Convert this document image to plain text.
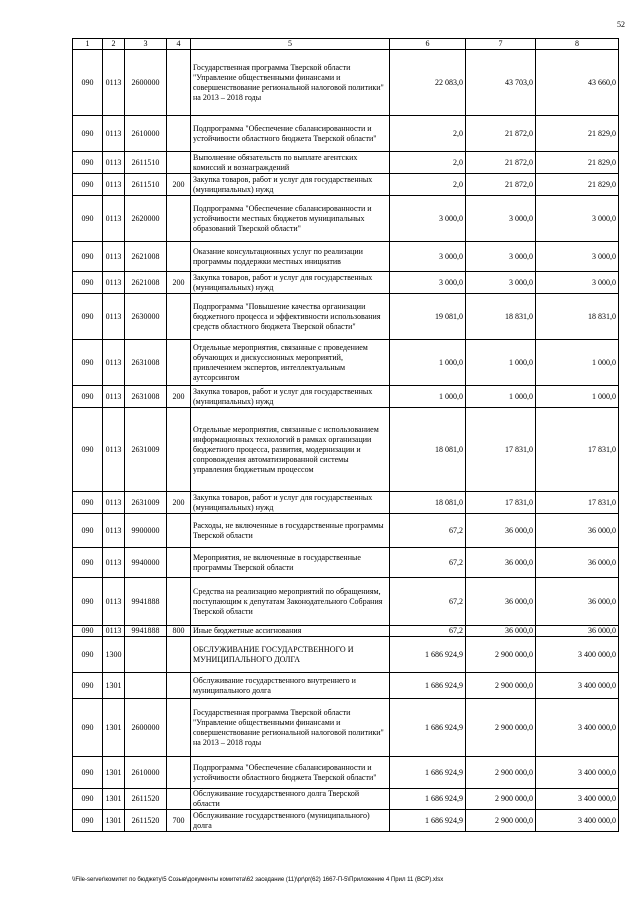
52
1	2	3	4	5	6	7	8
090	0113	2600000		Государственная программа Тверской области "Управление общественными финансами и совершенствование региональной налоговой политики" на 2013 – 2018 годы	22 083,0	43 703,0	43 660,0
090	0113	2610000		Подпрограмма "Обеспечение сбалансированности и устойчивости областного бюджета Тверской области"	2,0	21 872,0	21 829,0
090	0113	2611510		Выполнение обязательств по выплате агентских комиссий и вознаграждений	2,0	21 872,0	21 829,0
090	0113	2611510	200	Закупка товаров, работ и услуг для государственных (муниципальных) нужд	2,0	21 872,0	21 829,0
090	0113	2620000		Подпрограмма "Обеспечение сбалансированности и устойчивости местных бюджетов муниципальных образований Тверской области"	3 000,0	3 000,0	3 000,0
090	0113	2621008		Оказание консультационных услуг по реализации программы поддержки местных инициатив	3 000,0	3 000,0	3 000,0
090	0113	2621008	200	Закупка товаров, работ и услуг для государственных (муниципальных) нужд	3 000,0	3 000,0	3 000,0
090	0113	2630000		Подпрограмма "Повышение качества организации бюджетного процесса и эффективности использования средств областного бюджета Тверской области"	19 081,0	18 831,0	18 831,0
090	0113	2631008		Отдельные мероприятия, связанные с проведением обучающих и дискуссионных мероприятий, привлечением экспертов, интеллектуальным аутсорсингом	1 000,0	1 000,0	1 000,0
090	0113	2631008	200	Закупка товаров, работ и услуг для государственных (муниципальных) нужд	1 000,0	1 000,0	1 000,0
090	0113	2631009		Отдельные мероприятия, связанные с использованием информационных технологий в рамках организации бюджетного процесса, развития, модернизации и сопровождения автоматизированной системы управления бюджетным процессом	18 081,0	17 831,0	17 831,0
090	0113	2631009	200	Закупка товаров, работ и услуг для государственных (муниципальных) нужд	18 081,0	17 831,0	17 831,0
090	0113	9900000		Расходы, не включенные в государственные программы Тверской области	67,2	36 000,0	36 000,0
090	0113	9940000		Мероприятия, не включенные в государственные программы Тверской области	67,2	36 000,0	36 000,0
090	0113	9941888		Средства на реализацию мероприятий по обращениям, поступающим к депутатам Законодательного Собрания Тверской области	67,2	36 000,0	36 000,0
090	0113	9941888	800	Иные бюджетные ассигнования	67,2	36 000,0	36 000,0
090	1300			ОБСЛУЖИВАНИЕ ГОСУДАРСТВЕННОГО И МУНИЦИПАЛЬНОГО ДОЛГА	1 686 924,9	2 900 000,0	3 400 000,0
090	1301			Обслуживание государственного внутреннего и муниципального долга	1 686 924,9	2 900 000,0	3 400 000,0
090	1301	2600000		Государственная программа Тверской области "Управление общественными финансами и совершенствование региональной налоговой политики" на 2013 – 2018 годы	1 686 924,9	2 900 000,0	3 400 000,0
090	1301	2610000		Подпрограмма "Обеспечение сбалансированности и устойчивости областного бюджета Тверской области"	1 686 924,9	2 900 000,0	3 400 000,0
090	1301	2611520		Обслуживание государственного долга Тверской области	1 686 924,9	2 900 000,0	3 400 000,0
090	1301	2611520	700	Обслуживание государственного (муниципального) долга	1 686 924,9	2 900 000,0	3 400 000,0
\\File-server\комитет по бюджету\5 Созыв\документы комитета\62 заседание (11)\pr\pr(62) 1667-П-5\Приложение 4 Прил 11 (ВСР).xlsx
